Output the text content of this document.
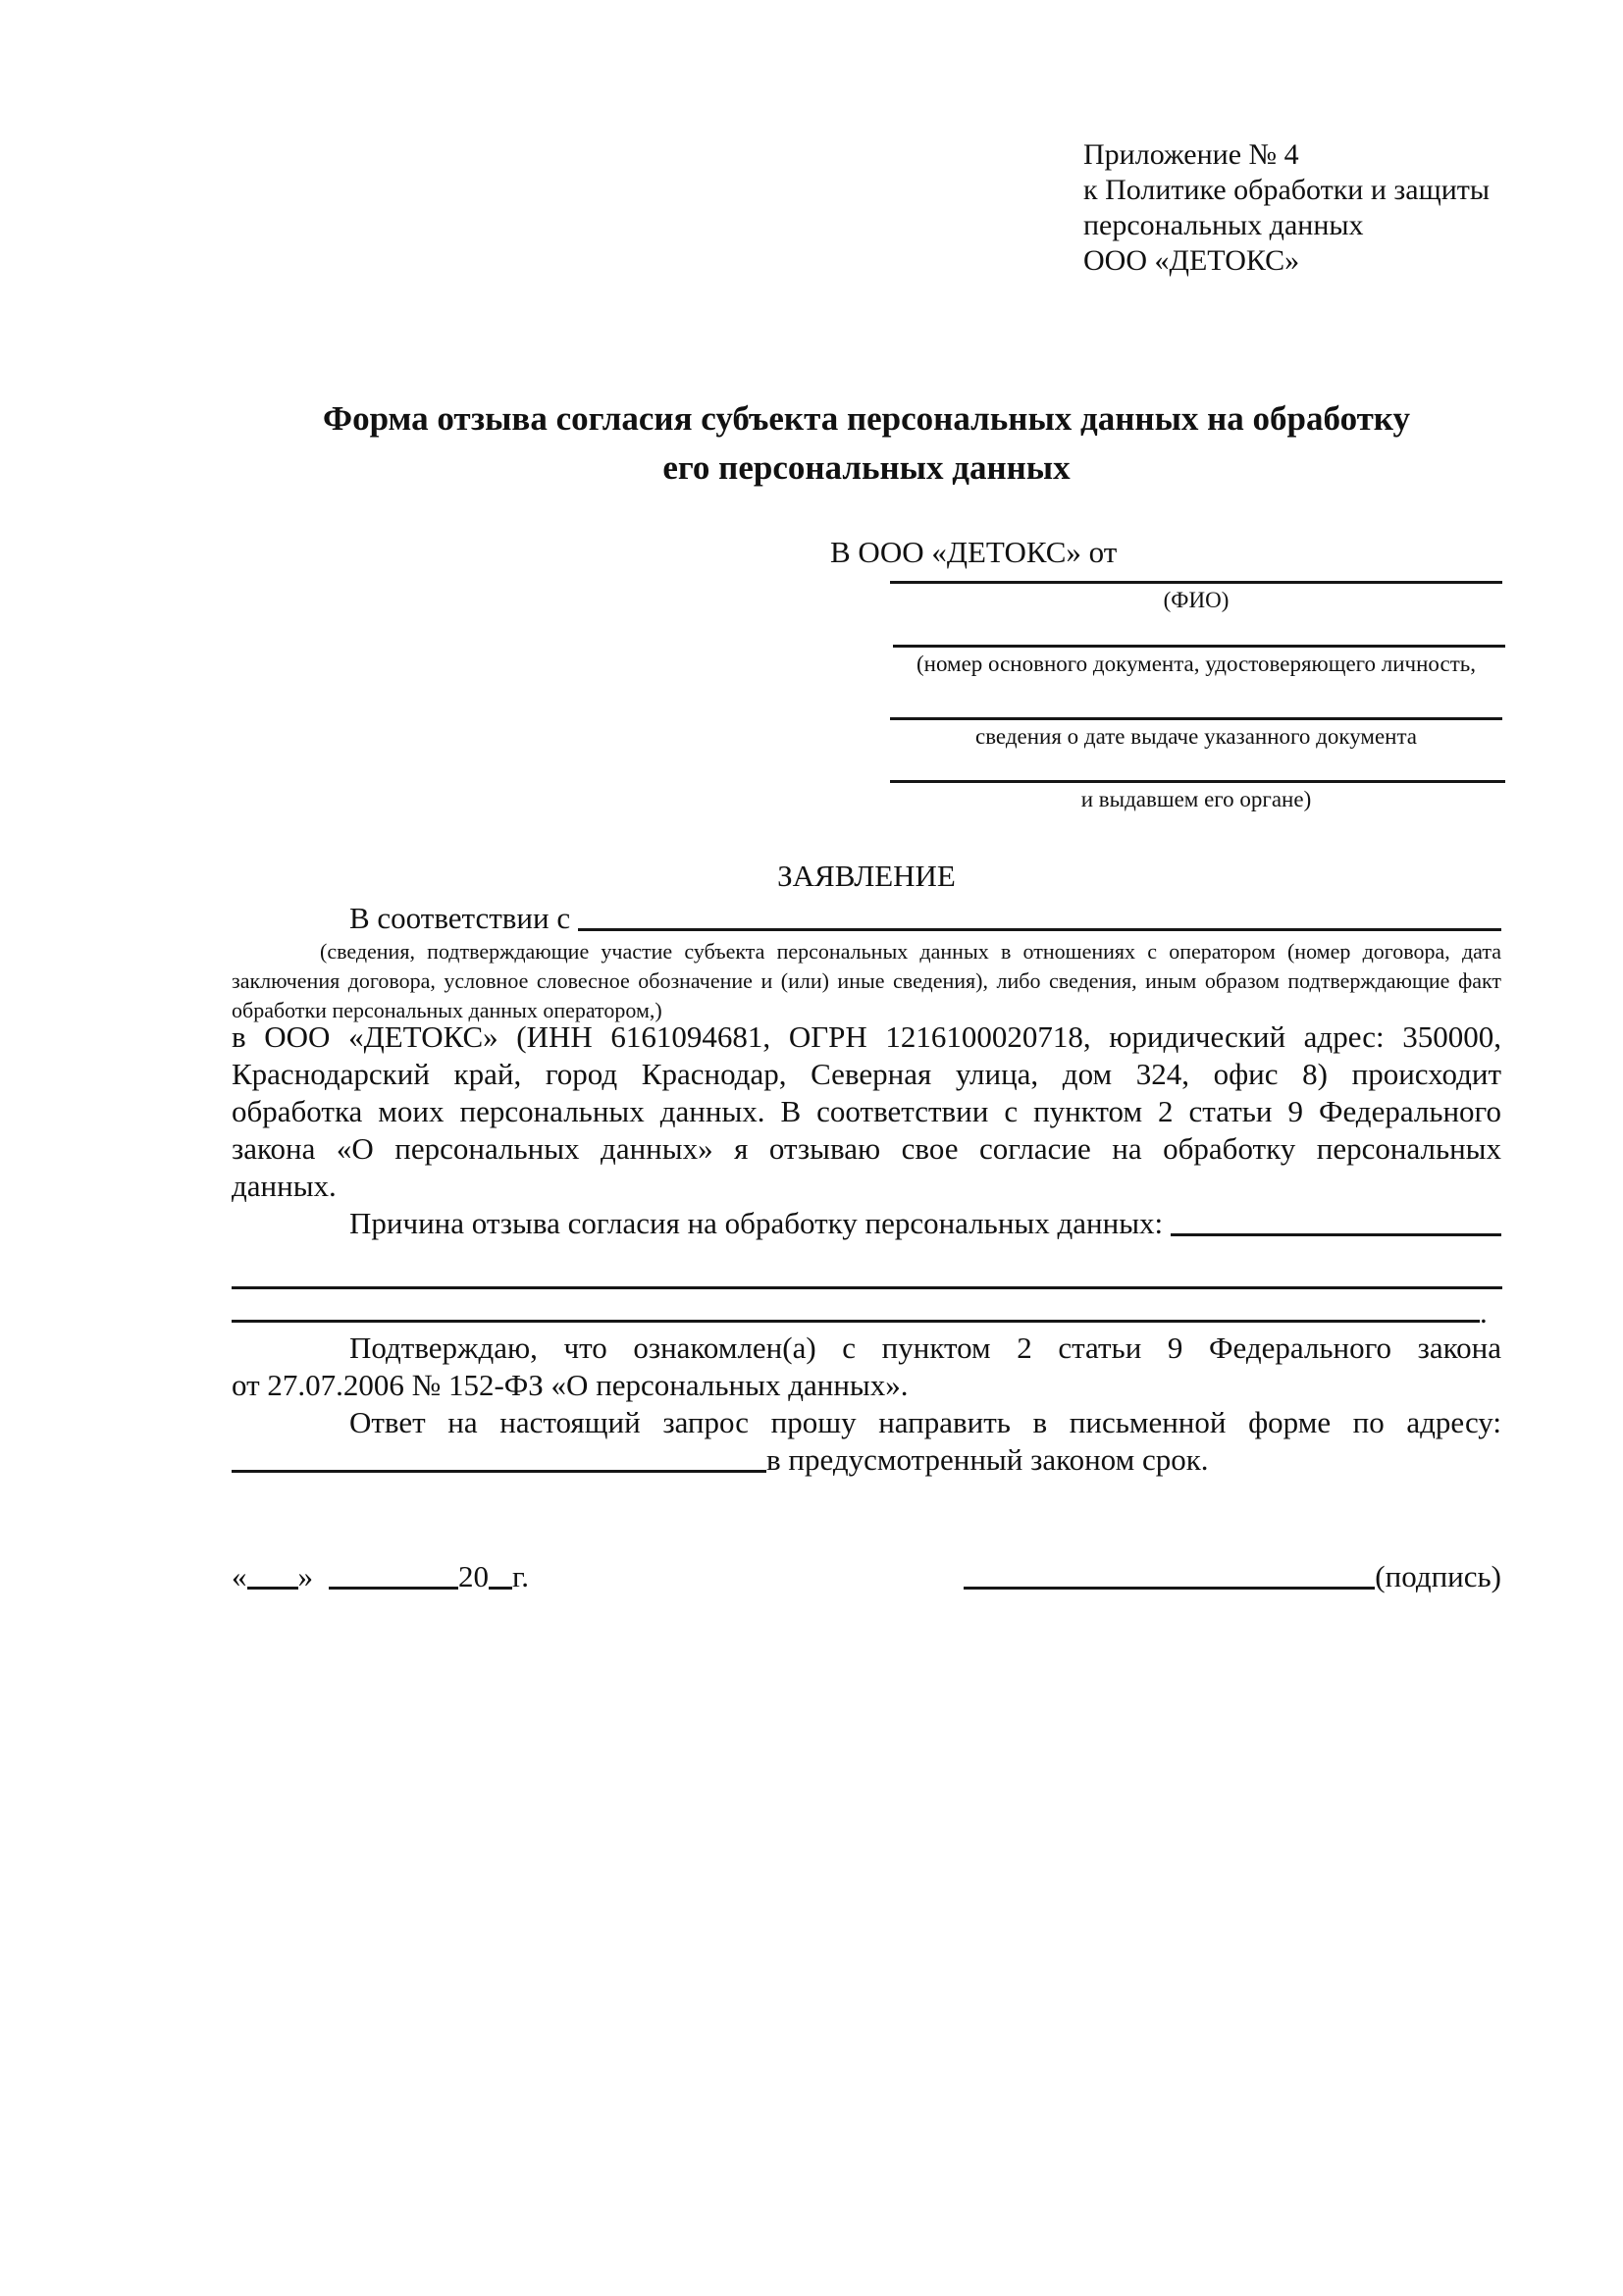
Приложение № 4
к Политике обработки и защиты
персональных данных
ООО «ДЕТОКС»
Форма отзыва согласия субъекта персональных данных на обработку
его персональных данных
В ООО «ДЕТОКС» от
(ФИО)
(номер основного документа, удостоверяющего личность,
сведения о дате выдаче указанного документа
и выдавшем его органе)
ЗАЯВЛЕНИЕ
В соответствии с
(сведения, подтверждающие участие субъекта персональных данных в отношениях с оператором (номер договора, дата
заключения договора, условное словесное обозначение и (или) иные сведения), либо сведения, иным образом подтверждающие факт
обработки персональных данных оператором,)
в ООО «ДЕТОКС» (ИНН 6161094681, ОГРН 1216100020718, юридический адрес: 350000,
Краснодарский край, город Краснодар, Северная улица, дом 324, офис 8) происходит
обработка моих персональных данных. В соответствии с пунктом 2 статьи 9 Федерального
закона «О персональных данных» я отзываю свое согласие на обработку персональных
данных.
Причина отзыва согласия на обработку персональных данных:
.
Подтверждаю, что ознакомлен(а) с пунктом 2 статьи 9 Федерального закона
от 27.07.2006 № 152-ФЗ «О персональных данных».
Ответ на настоящий запрос прошу направить в письменной форме по адресу:
в предусмотренный законом срок.
« »	20 г.	(подпись)
